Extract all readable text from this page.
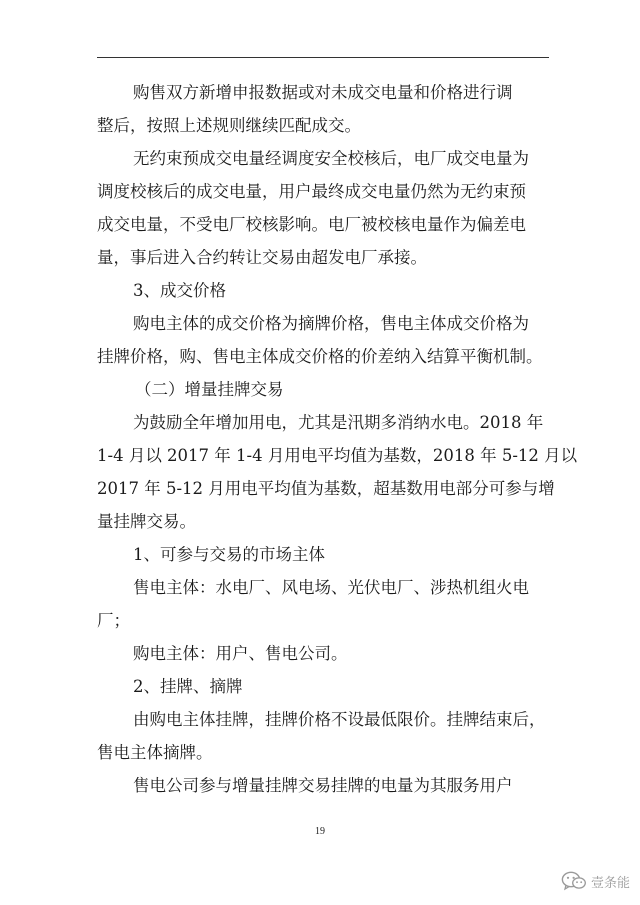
购售双方新增申报数据或对未成交电量和价格进行调
整后，按照上述规则继续匹配成交。
无约束预成交电量经调度安全校核后，电厂成交电量为
调度校核后的成交电量，用户最终成交电量仍然为无约束预
成交电量，不受电厂校核影响。电厂被校核电量作为偏差电
量，事后进入合约转让交易由超发电厂承接。
3、成交价格
购电主体的成交价格为摘牌价格，售电主体成交价格为
挂牌价格，购、售电主体成交价格的价差纳入结算平衡机制。
（二）增量挂牌交易
为鼓励全年增加用电，尤其是汛期多消纳水电。2018 年
1-4 月以 2017 年 1-4 月用电平均值为基数，2018 年 5-12 月以
2017 年 5-12 月用电平均值为基数，超基数用电部分可参与增
量挂牌交易。
1、可参与交易的市场主体
售电主体：水电厂、风电场、光伏电厂、涉热机组火电
厂；
购电主体：用户、售电公司。
2、挂牌、摘牌
由购电主体挂牌，挂牌价格不设最低限价。挂牌结束后，
售电主体摘牌。
售电公司参与增量挂牌交易挂牌的电量为其服务用户
19
壹条能
